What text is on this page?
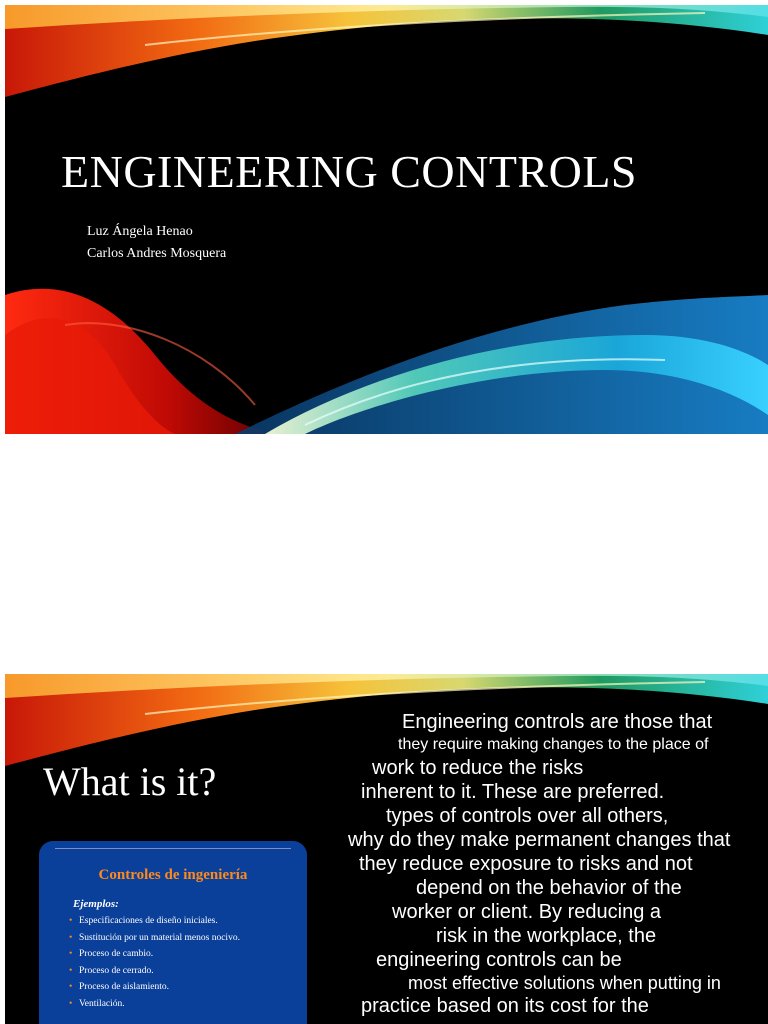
ENGINEERING CONTROLS
Luz Ángela Henao
Carlos Andres Mosquera
What is it?
Controles de ingeniería
Ejemplos:
• Especificaciones de diseño iniciales.
• Sustitución por un material menos nocivo.
• Proceso de cambio.
• Proceso de cerrado.
• Proceso de aislamiento.
• Ventilación.
Engineering controls are those that
they require making changes to the place of
work to reduce the risks
inherent to it. These are preferred.
types of controls over all others,
why do they make permanent changes that
they reduce exposure to risks and not
depend on the behavior of the
worker or client. By reducing a
risk in the workplace, the
engineering controls can be
most effective solutions when putting in
practice based on its cost for the
